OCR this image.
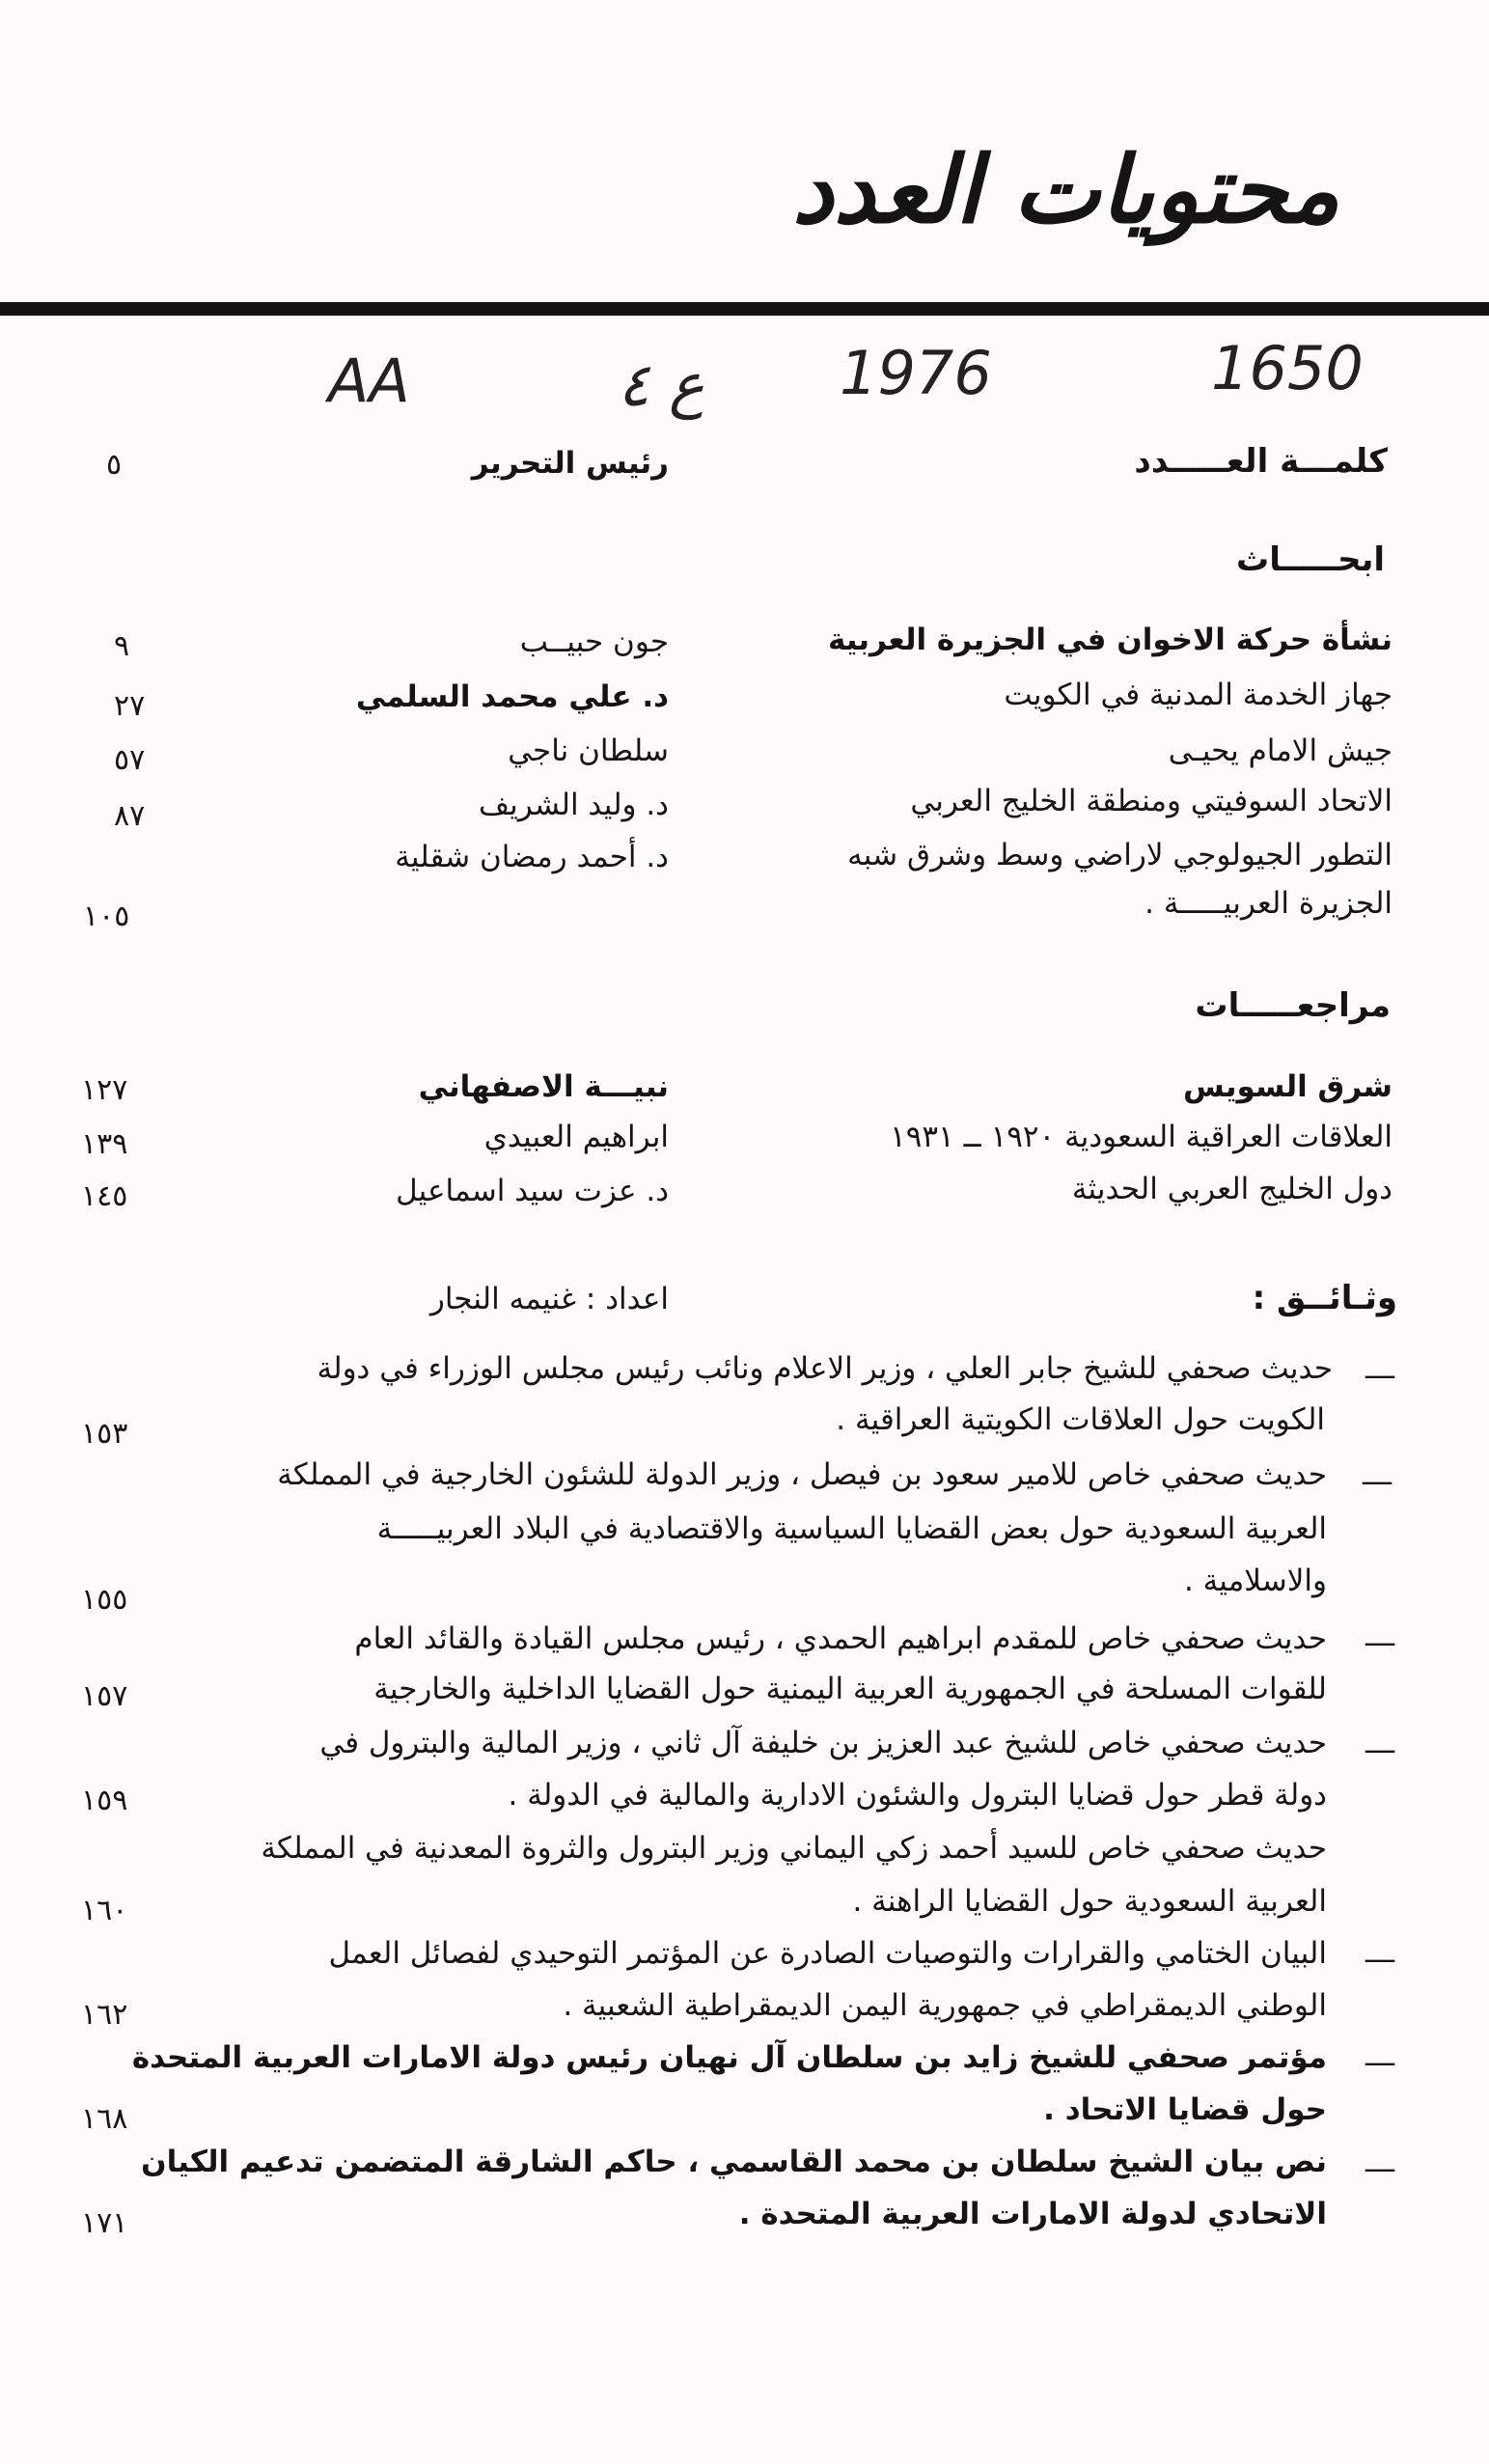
محتويات العدد
AA	ع ٤ 1976	1650
كلمـــة العـــــدد
رئيس التحرير
٥
ابحـــــاث
نشأة حركة الاخوان في الجزيرة العربية
جون حبيــب
٩
جهاز الخدمة المدنية في الكويت
د. علي محمد السلمي
٢٧
جيش الامام يحيـى
سلطان ناجي
٥٧
الاتحاد السوفيتي ومنطقة الخليج العربي
د. وليد الشريف
٨٧
التطور الجيولوجي لاراضي وسط وشرق شبه
الجزيرة العربيـــــة .
د. أحمد رمضان شقلية
١٠٥
مراجعـــــات
شرق السويس
نبيـــة الاصفهاني
١٢٧
العلاقات العراقية السعودية ١٩٢٠ ــ ١٩٣١
ابراهيم العبيدي
١٣٩
دول الخليج العربي الحديثة
د. عزت سيد اسماعيل
١٤٥
وثـائــق :
اعداد : غنيمه النجار
—
حديث صحفي للشيخ جابر العلي ، وزير الاعلام ونائب رئيس مجلس الوزراء في دولة
الكويت حول العلاقات الكويتية العراقية .
١٥٣
—
حديث صحفي خاص للامير سعود بن فيصل ، وزير الدولة للشئون الخارجية في المملكة
العربية السعودية حول بعض القضايا السياسية والاقتصادية في البلاد العربيـــــة
والاسلامية .
١٥٥
—
حديث صحفي خاص للمقدم ابراهيم الحمدي ، رئيس مجلس القيادة والقائد العام
للقوات المسلحة في الجمهورية العربية اليمنية حول القضايا الداخلية والخارجية
١٥٧
—
حديث صحفي خاص للشيخ عبد العزيز بن خليفة آل ثاني ، وزير المالية والبترول في
دولة قطر حول قضايا البترول والشئون الادارية والمالية في الدولة .
١٥٩
حديث صحفي خاص للسيد أحمد زكي اليماني وزير البترول والثروة المعدنية في المملكة
العربية السعودية حول القضايا الراهنة .
١٦٠
—
البيان الختامي والقرارات والتوصيات الصادرة عن المؤتمر التوحيدي لفصائل العمل
الوطني الديمقراطي في جمهورية اليمن الديمقراطية الشعبية .
١٦٢
—
مؤتمر صحفي للشيخ زايد بن سلطان آل نهيان رئيس دولة الامارات العربية المتحدة
حول قضايا الاتحاد .
١٦٨
—
نص بيان الشيخ سلطان بن محمد القاسمي ، حاكم الشارقة المتضمن تدعيم الكيان
الاتحادي لدولة الامارات العربية المتحدة .
١٧١
